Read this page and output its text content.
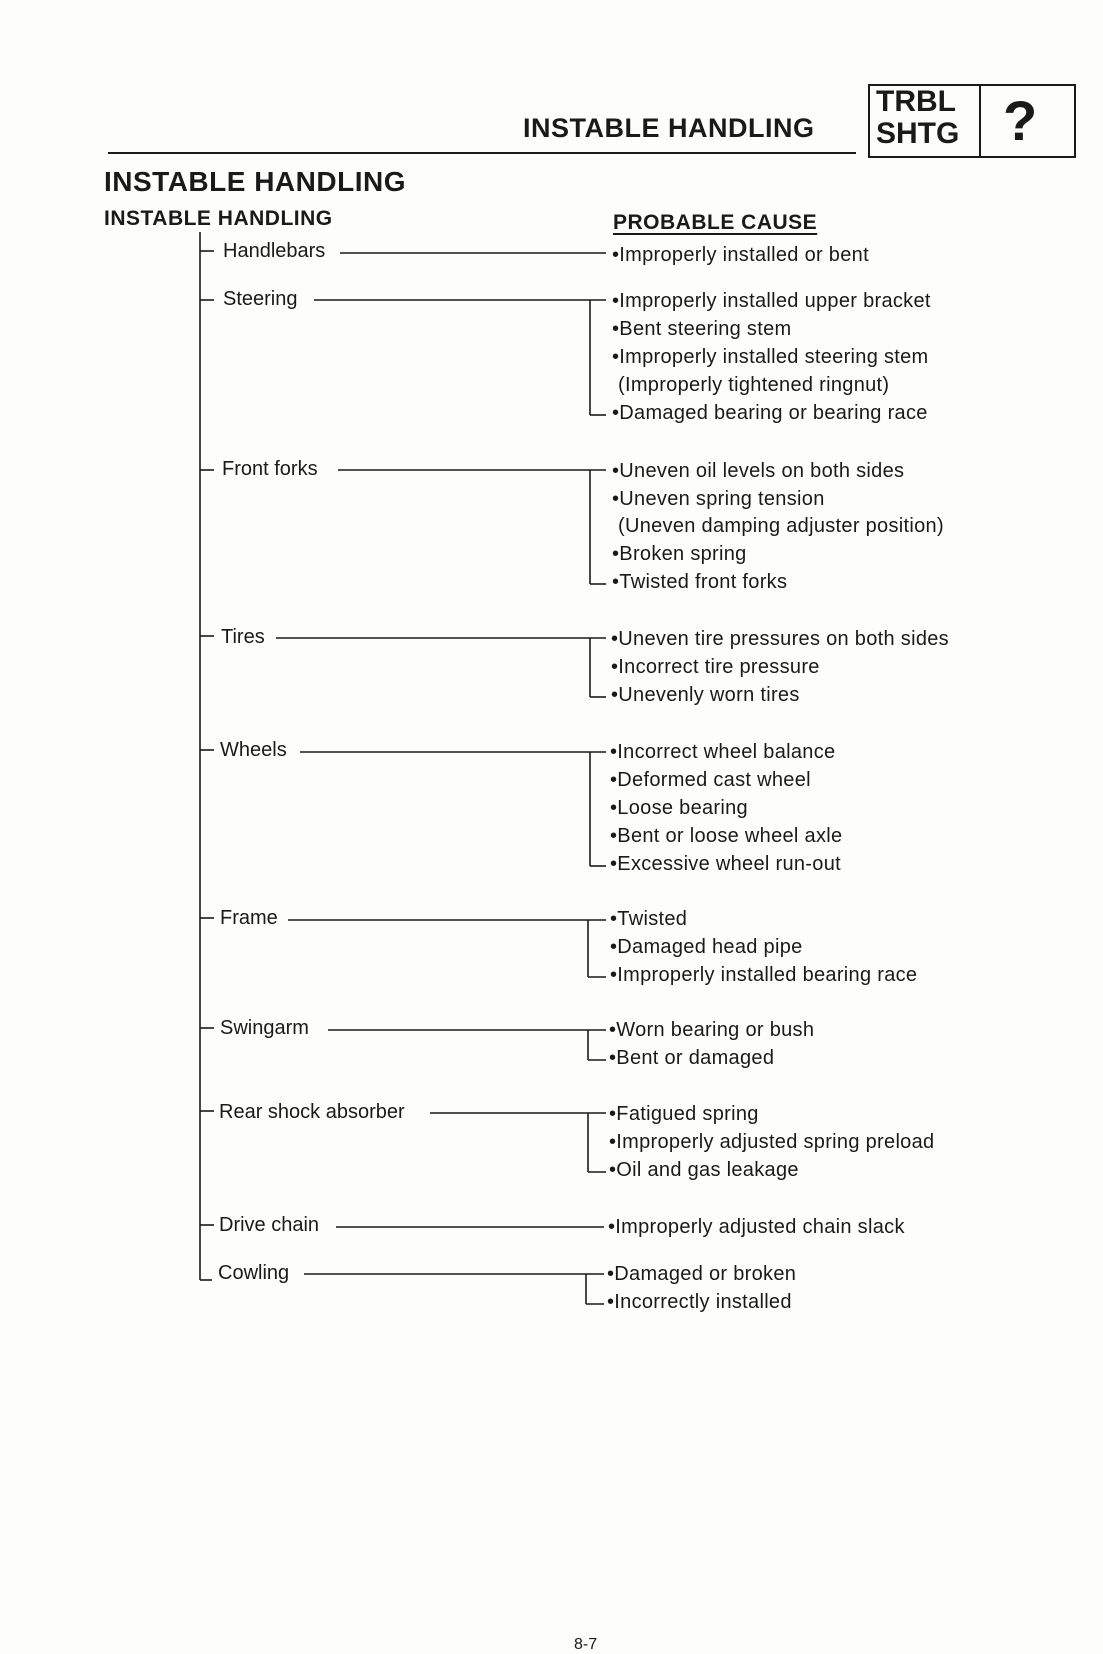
INSTABLE HANDLING
TRBL
SHTG ?
INSTABLE HANDLING
INSTABLE HANDLING	PROBABLE CAUSE
Handlebars
Steering
Front forks
Tires
Wheels
Frame
Swingarm
Rear shock absorber
Drive chain
Cowling
•Improperly installed or bent
•Improperly installed upper bracket
•Bent steering stem
•Improperly installed steering stem
(Improperly tightened ringnut)
•Damaged bearing or bearing race
•Uneven oil levels on both sides
•Uneven spring tension
(Uneven damping adjuster position)
•Broken spring
•Twisted front forks
•Uneven tire pressures on both sides
•Incorrect tire pressure
•Unevenly worn tires
•Incorrect wheel balance
•Deformed cast wheel
•Loose bearing
•Bent or loose wheel axle
•Excessive wheel run-out
•Twisted
•Damaged head pipe
•Improperly installed bearing race
•Worn bearing or bush
•Bent or damaged
•Fatigued spring
•Improperly adjusted spring preload
•Oil and gas leakage
•Improperly adjusted chain slack
•Damaged or broken
•Incorrectly installed
8-7
